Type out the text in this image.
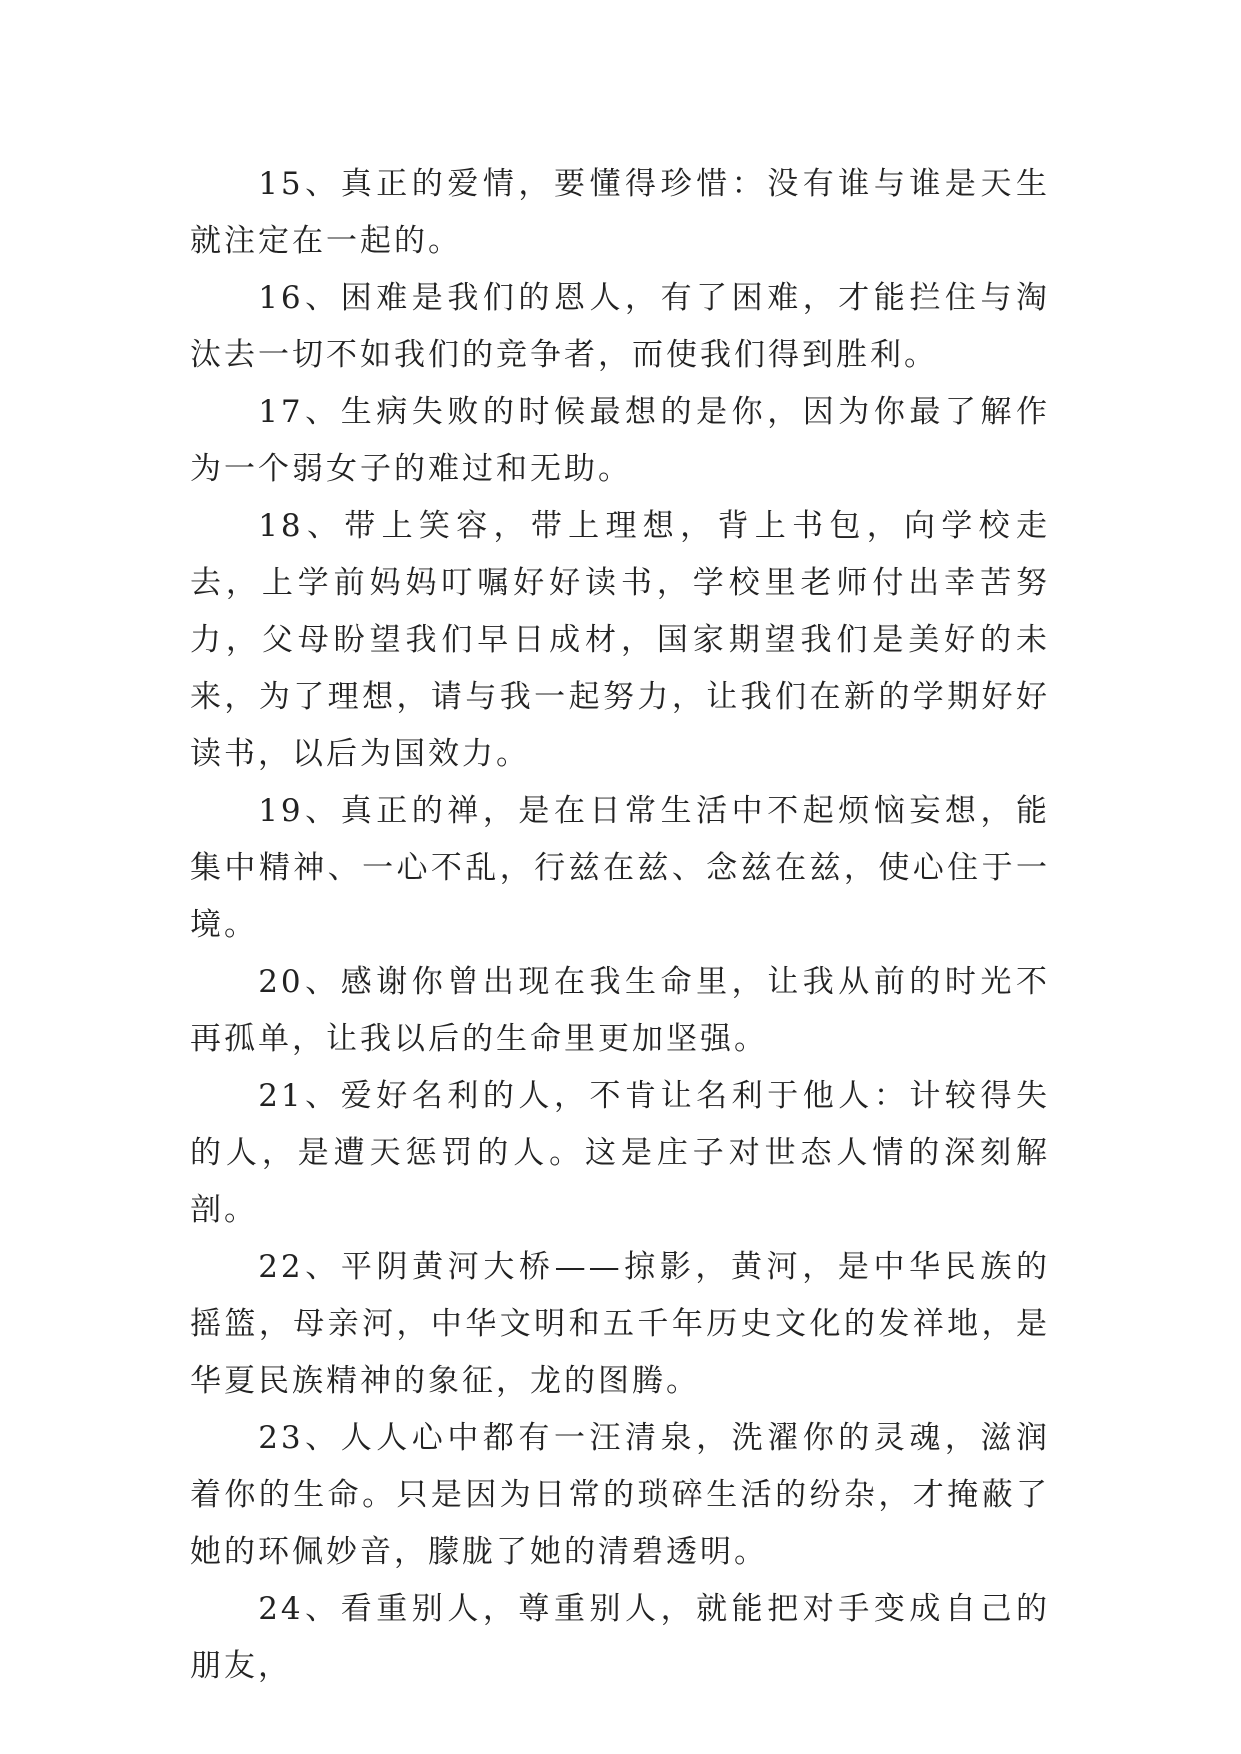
15、真正的爱情，要懂得珍惜：没有谁与谁是天生就注定在一起的。

16、困难是我们的恩人，有了困难，才能拦住与淘汰去一切不如我们的竞争者，而使我们得到胜利。

17、生病失败的时候最想的是你，因为你最了解作为一个弱女子的难过和无助。

18、带上笑容，带上理想，背上书包，向学校走去，上学前妈妈叮嘱好好读书，学校里老师付出幸苦努力，父母盼望我们早日成材，国家期望我们是美好的未来，为了理想，请与我一起努力，让我们在新的学期好好读书，以后为国效力。

19、真正的禅，是在日常生活中不起烦恼妄想，能集中精神、一心不乱，行兹在兹、念兹在兹，使心住于一境。

20、感谢你曾出现在我生命里，让我从前的时光不再孤单，让我以后的生命里更加坚强。

21、爱好名利的人，不肯让名利于他人：计较得失的人，是遭天惩罚的人。这是庄子对世态人情的深刻解剖。

22、平阴黄河大桥——掠影，黄河，是中华民族的摇篮，母亲河，中华文明和五千年历史文化的发祥地，是华夏民族精神的象征，龙的图腾。

23、人人心中都有一汪清泉，洗濯你的灵魂，滋润着你的生命。只是因为日常的琐碎生活的纷杂，才掩蔽了她的环佩妙音，朦胧了她的清碧透明。

24、看重别人，尊重别人，就能把对手变成自己的朋友，
